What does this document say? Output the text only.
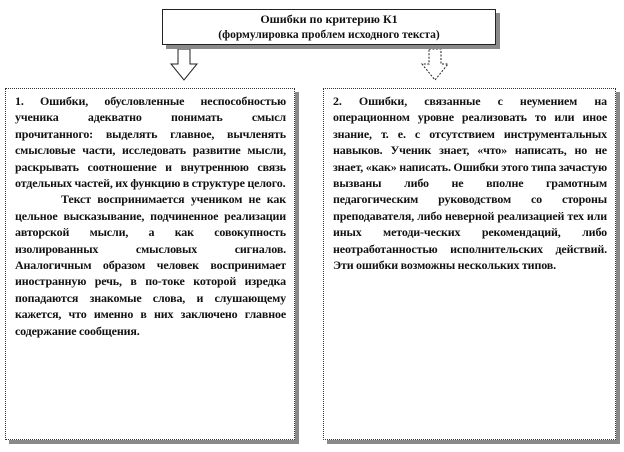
Ошибки по критерию К1
(формулировка проблем исходного текста)

1. Ошибки, обусловленные неспособностью ученика адекватно понимать смысл прочитанного: выделять главное, вычленять смысловые части, исследовать развитие мысли, раскрывать соотношение и внутреннюю связь отдельных частей, их функцию в структуре целого.

Текст воспринимается учеником не как цельное высказывание, подчиненное реализации авторской мысли, а как совокупность изолированных смысловых сигналов. Аналогичным образом человек воспринимает иностранную речь, в по-токе которой изредка попадаются знакомые слова, и слушающему кажется, что именно в них заключено главное содержание сообщения.

2. Ошибки, связанные с неумением на операционном уровне реализовать то или иное знание, т. е. с отсутствием инструментальных навыков. Ученик знает, «что» написать, но не знает, «как» написать. Ошибки этого типа зачастую вызваны либо не вполне грамотным педагогическим руководством со стороны преподавателя, либо неверной реализацией тех или иных методи-ческих рекомендаций, либо неотработанностью исполнительских действий. Эти ошибки возможны нескольких типов.
